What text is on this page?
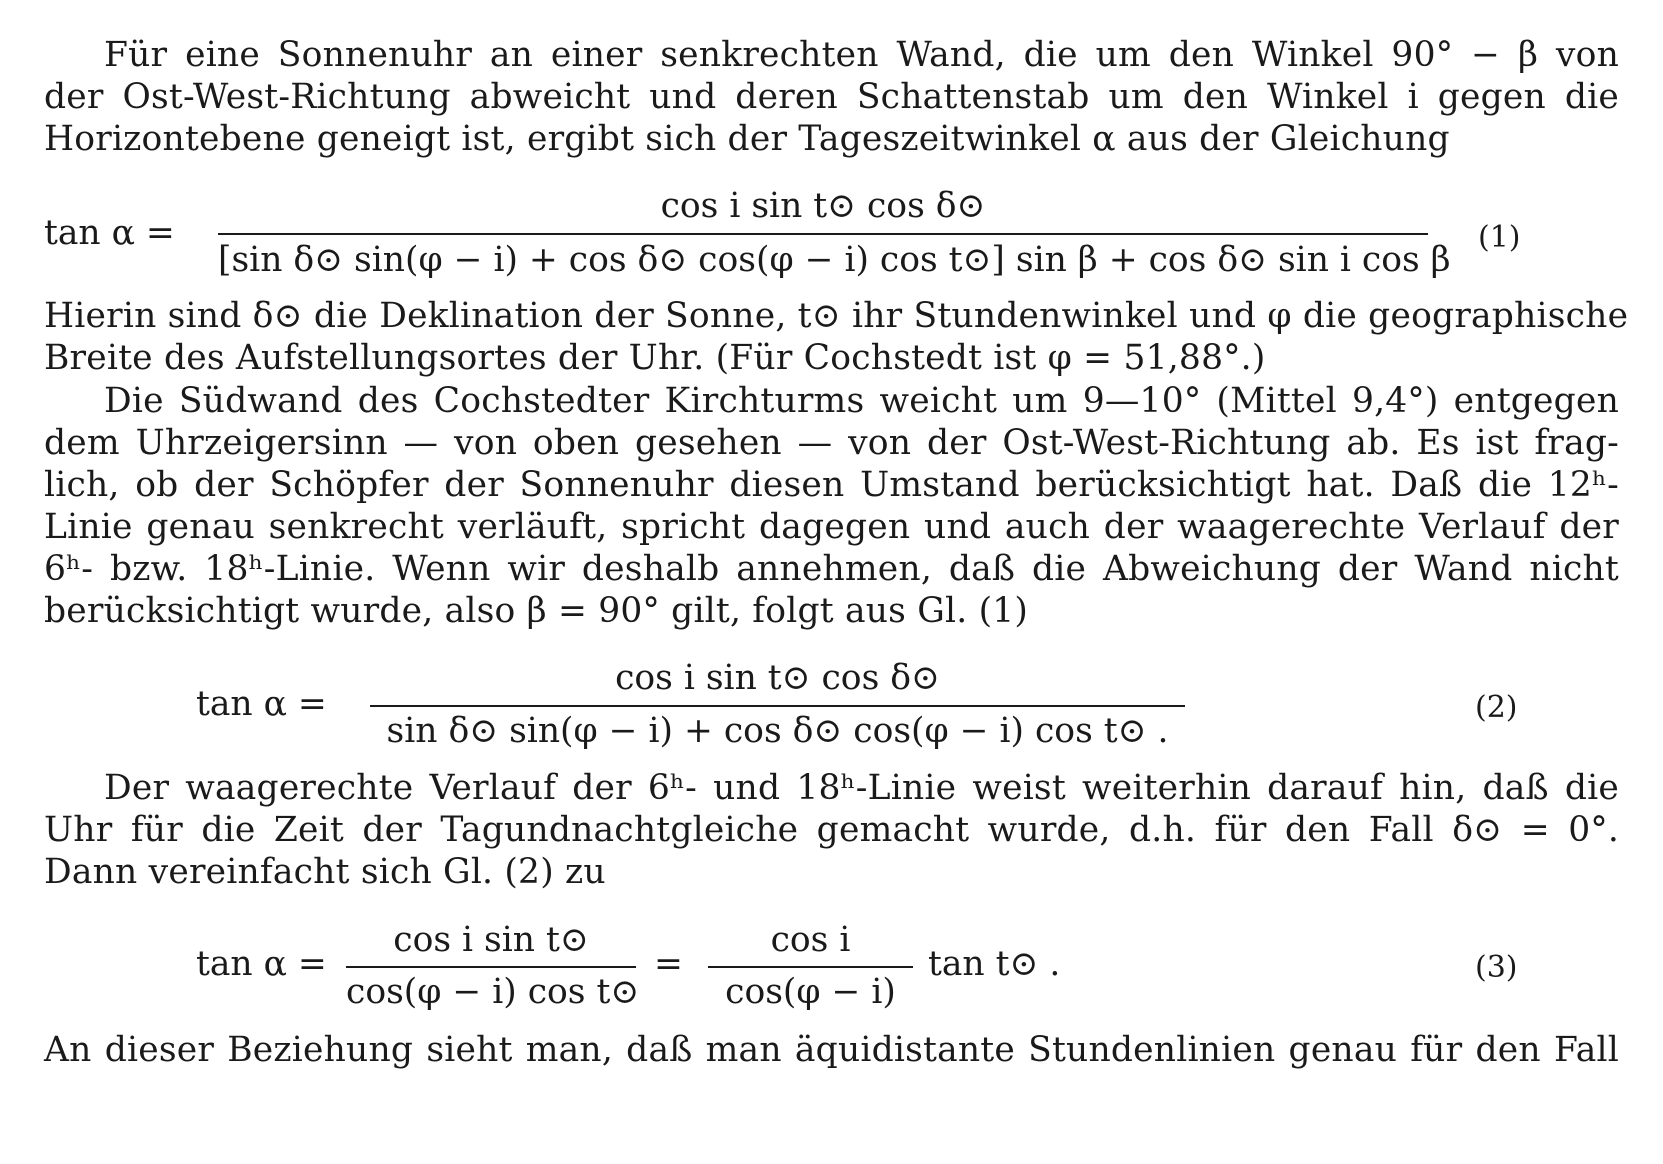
Für eine Sonnenuhr an einer senkrechten Wand, die um den Winkel 90° − β von
der Ost-West-Richtung abweicht und deren Schattenstab um den Winkel i gegen die
Horizontebene geneigt ist, ergibt sich der Tageszeitwinkel α aus der Gleichung
tan α =
cos i sin t⊙ cos δ⊙
[sin δ⊙ sin(φ − i) + cos δ⊙ cos(φ − i) cos t⊙] sin β + cos δ⊙ sin i cos β
(1)
Hierin sind δ⊙ die Deklination der Sonne, t⊙ ihr Stundenwinkel und φ die geographische
Breite des Aufstellungsortes der Uhr. (Für Cochstedt ist φ = 51,88°.)
Die Südwand des Cochstedter Kirchturms weicht um 9—10° (Mittel 9,4°) entgegen
dem Uhrzeigersinn — von oben gesehen — von der Ost-West-Richtung ab. Es ist frag-
lich, ob der Schöpfer der Sonnenuhr diesen Umstand berücksichtigt hat. Daß die 12ʰ-
Linie genau senkrecht verläuft, spricht dagegen und auch der waagerechte Verlauf der
6ʰ- bzw. 18ʰ-Linie. Wenn wir deshalb annehmen, daß die Abweichung der Wand nicht
berücksichtigt wurde, also β = 90° gilt, folgt aus Gl. (1)
tan α =
cos i sin t⊙ cos δ⊙
sin δ⊙ sin(φ − i) + cos δ⊙ cos(φ − i) cos t⊙ .
(2)
Der waagerechte Verlauf der 6ʰ- und 18ʰ-Linie weist weiterhin darauf hin, daß die
Uhr für die Zeit der Tagundnachtgleiche gemacht wurde, d.h. für den Fall δ⊙ = 0°.
Dann vereinfacht sich Gl. (2) zu
tan α =
cos i sin t⊙
cos(φ − i) cos t⊙
=
cos i
cos(φ − i)
tan t⊙ .	(3)
An dieser Beziehung sieht man, daß man äquidistante Stundenlinien genau für den Fall
